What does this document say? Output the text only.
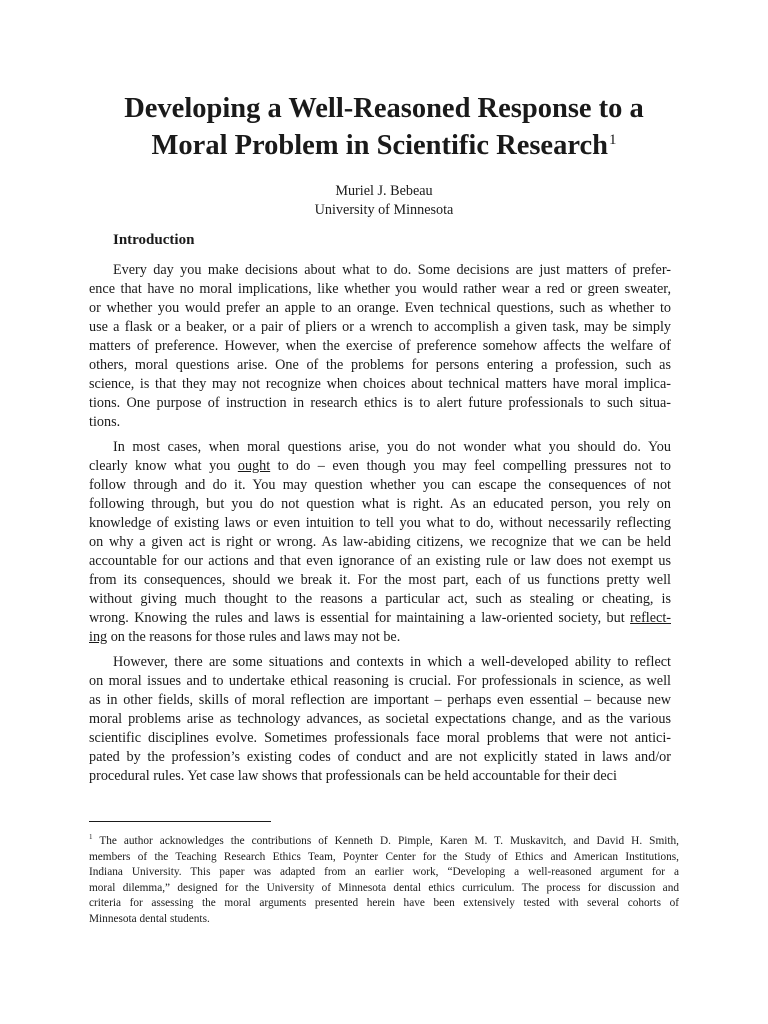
Developing a Well-Reasoned Response to a
Moral Problem in Scientific Research$^1$
Muriel J. Bebeau
University of Minnesota
Introduction
Every day you make decisions about what to do. Some decisions are just matters of prefer-
ence that have no moral implications, like whether you would rather wear a red or green sweater,
or whether you would prefer an apple to an orange. Even technical questions, such as whether to
use a flask or a beaker, or a pair of pliers or a wrench to accomplish a given task, may be simply
matters of preference. However, when the exercise of preference somehow affects the welfare of
others, moral questions arise. One of the problems for persons entering a profession, such as
science, is that they may not recognize when choices about technical matters have moral implica-
tions. One purpose of instruction in research ethics is to alert future professionals to such situa-
tions.
In most cases, when moral questions arise, you do not wonder what you should do. You
clearly know what you ought to do – even though you may feel compelling pressures not to
follow through and do it. You may question whether you can escape the consequences of not
following through, but you do not question what is right. As an educated person, you rely on
knowledge of existing laws or even intuition to tell you what to do, without necessarily reflecting
on why a given act is right or wrong. As law-abiding citizens, we recognize that we can be held
accountable for our actions and that even ignorance of an existing rule or law does not exempt us
from its consequences, should we break it. For the most part, each of us functions pretty well
without giving much thought to the reasons a particular act, such as stealing or cheating, is
wrong. Knowing the rules and laws is essential for maintaining a law-oriented society, but reflect-
ing on the reasons for those rules and laws may not be.
However, there are some situations and contexts in which a well-developed ability to reflect
on moral issues and to undertake ethical reasoning is crucial. For professionals in science, as well
as in other fields, skills of moral reflection are important – perhaps even essential – because new
moral problems arise as technology advances, as societal expectations change, and as the various
scientific disciplines evolve. Sometimes professionals face moral problems that were not antici-
pated by the profession’s existing codes of conduct and are not explicitly stated in laws and/or
procedural rules. Yet case law shows that professionals can be held accountable for their deci
$^1$ The author acknowledges the contributions of Kenneth D. Pimple, Karen M. T. Muskavitch, and David H. Smith,
members of the Teaching Research Ethics Team, Poynter Center for the Study of Ethics and American Institutions,
Indiana University. This paper was adapted from an earlier work, “Developing a well-reasoned argument for a
moral dilemma,” designed for the University of Minnesota dental ethics curriculum. The process for discussion and
criteria for assessing the moral arguments presented herein have been extensively tested with several cohorts of
Minnesota dental students.
